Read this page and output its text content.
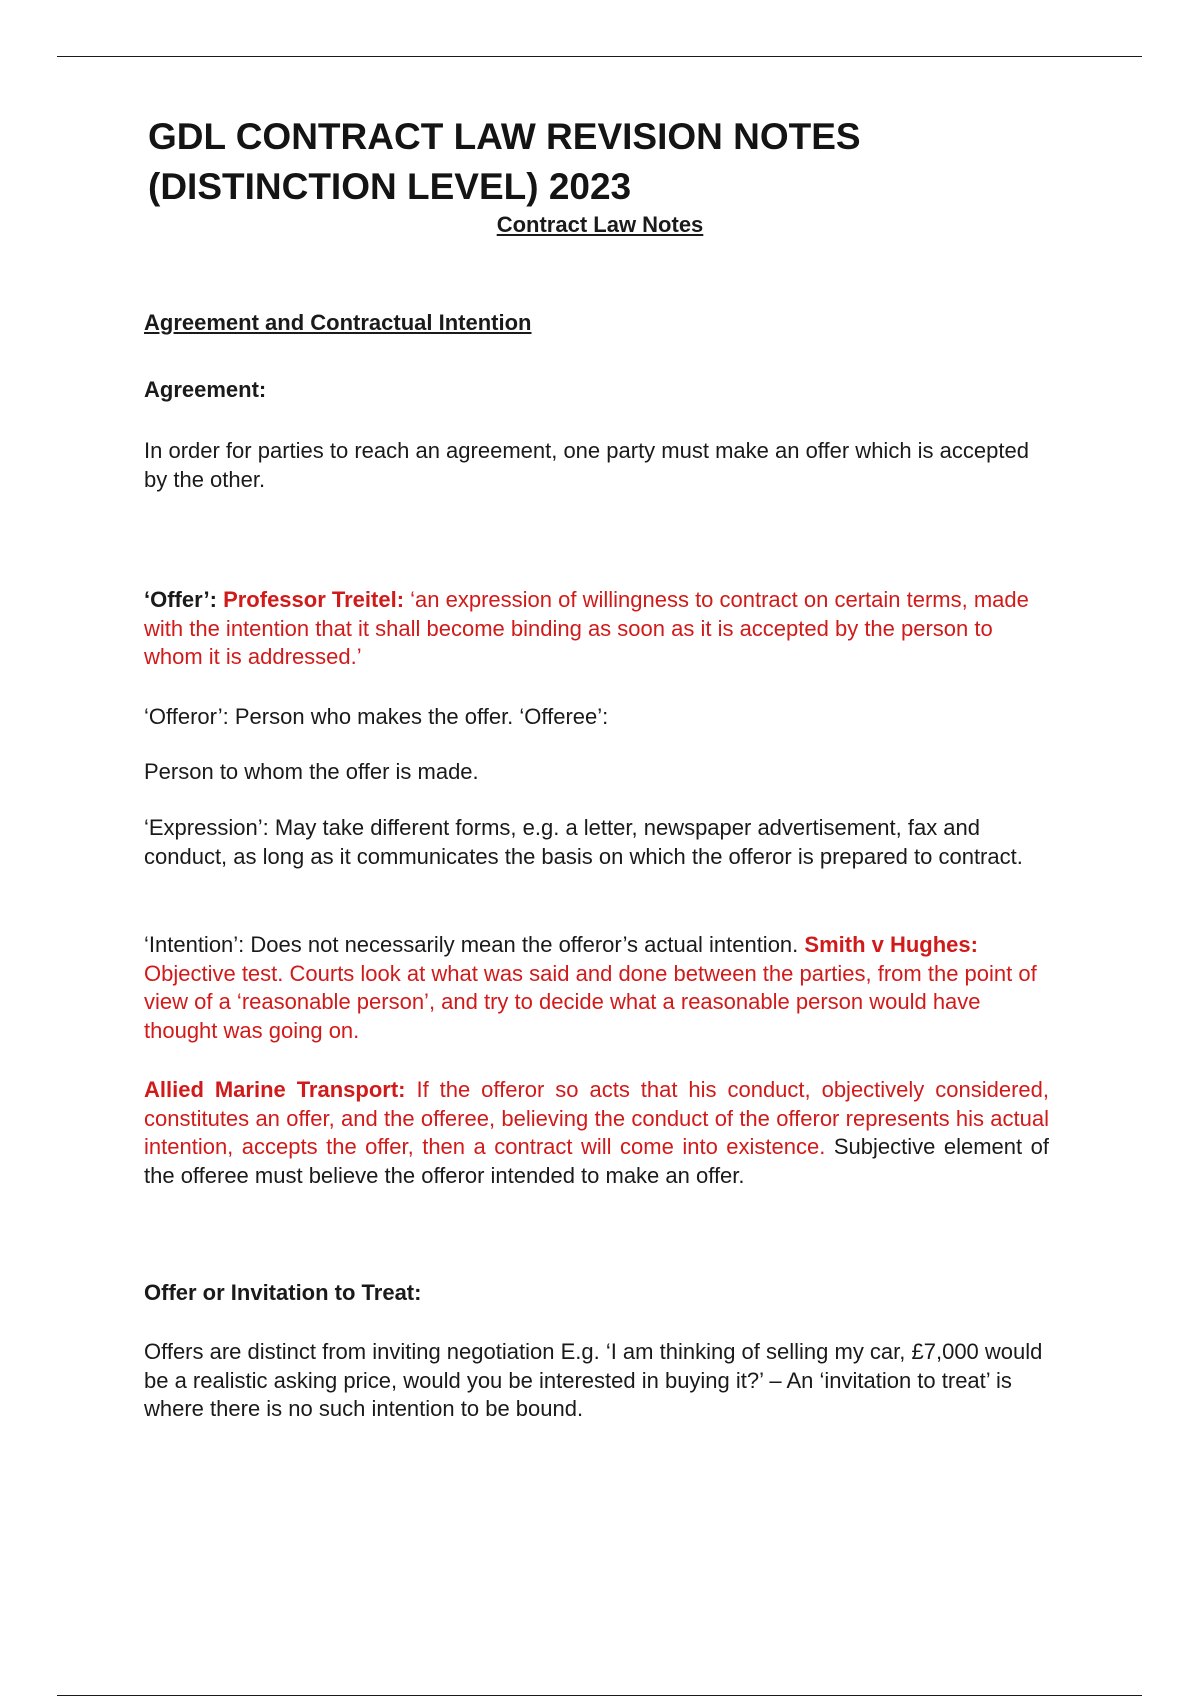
GDL CONTRACT LAW REVISION NOTES
(DISTINCTION LEVEL) 2023
Contract Law Notes
Agreement and Contractual Intention
Agreement:

In order for parties to reach an agreement, one party must make an offer which is accepted by the other.

‘Offer’: Professor Treitel: ‘an expression of willingness to contract on certain terms, made with the intention that it shall become binding as soon as it is accepted by the person to whom it is addressed.’

‘Offeror’: Person who makes the offer. ‘Offeree’:

Person to whom the offer is made.

‘Expression’: May take different forms, e.g. a letter, newspaper advertisement, fax and conduct, as long as it communicates the basis on which the offeror is prepared to contract.

‘Intention’: Does not necessarily mean the offeror’s actual intention. Smith v Hughes: Objective test. Courts look at what was said and done between the parties, from the point of view of a ‘reasonable person’, and try to decide what a reasonable person would have thought was going on.

Allied Marine Transport: If the offeror so acts that his conduct, objectively considered, constitutes an offer, and the offeree, believing the conduct of the offeror represents his actual intention, accepts the offer, then a contract will come into existence. Subjective element of the offeree must believe the offeror intended to make an offer.

Offer or Invitation to Treat:

Offers are distinct from inviting negotiation E.g. ‘I am thinking of selling my car, £7,000 would be a realistic asking price, would you be interested in buying it?’ – An ‘invitation to treat’ is where there is no such intention to be bound.
